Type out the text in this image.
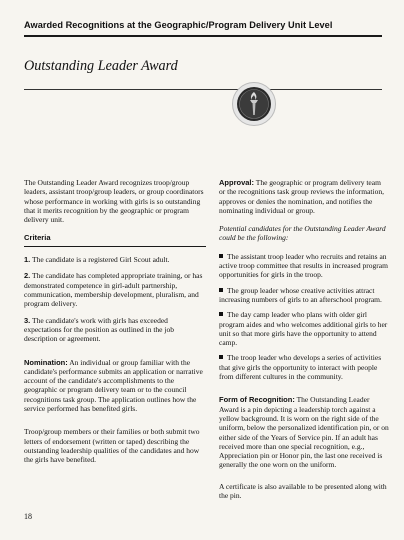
Awarded Recognitions at the Geographic/Program Delivery Unit Level
Outstanding Leader Award

The Outstanding Leader Award recognizes troop/group leaders, assistant troop/group leaders, or group coordinators whose performance in working with girls is so outstanding that it merits recognition by the geographic or program delivery unit.

Criteria

1. The candidate is a registered Girl Scout adult.

2. The candidate has completed appropriate training, or has demonstrated competence in girl-adult partnership, communication, membership development, pluralism, and program delivery.

3. The candidate's work with girls has exceeded expectations for the position as outlined in the job description or agreement.

Nomination: An individual or group familiar with the candidate's performance submits an application or narrative account of the candidate's accomplishments to the geographic or program delivery team or to the council recognitions task group. The application outlines how the service performed has benefited girls.

Troop/group members or their families or both submit two letters of endorsement (written or taped) describing the outstanding leadership qualities of the candidates and how the girls have benefited.

Approval: The geographic or program delivery team or the recognitions task group reviews the information, approves or denies the nomination, and notifies the nominating individual or group.

Potential candidates for the Outstanding Leader Award could be the following:

The assistant troop leader who recruits and retains an active troop committee that results in increased program opportunities for girls in the troop.

The group leader whose creative activities attract increasing numbers of girls to an afterschool program.

The day camp leader who plans with older girl program aides and who welcomes additional girls to her unit so that more girls have the opportunity to attend camp.

The troop leader who develops a series of activities that give girls the opportunity to interact with people from different cultures in the community.

Form of Recognition: The Outstanding Leader Award is a pin depicting a leadership torch against a yellow background. It is worn on the right side of the uniform, below the personalized identification pin, or on either side of the Years of Service pin. If an adult has received more than one special recognition, e.g., Appreciation pin or Honor pin, the last one received is generally the one worn on the uniform.

A certificate is also available to be presented along with the pin.

18
